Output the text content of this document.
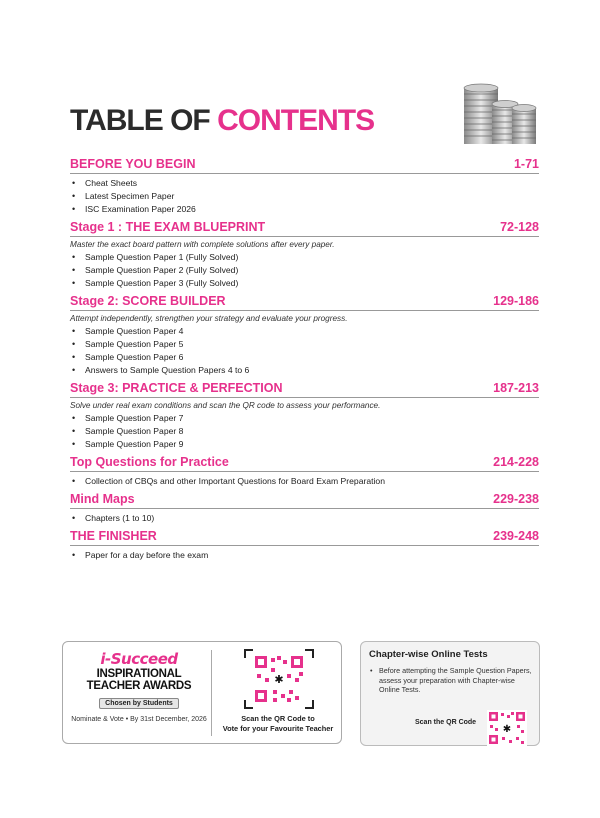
TABLE OF CONTENTS
BEFORE YOU BEGIN	1-71
• Cheat Sheets
• Latest Specimen Paper
• ISC Examination Paper 2026
Stage 1 : THE EXAM BLUEPRINT	72-128
Master the exact board pattern with complete solutions after every paper.
• Sample Question Paper 1 (Fully Solved)
• Sample Question Paper 2 (Fully Solved)
• Sample Question Paper 3 (Fully Solved)
Stage 2: SCORE BUILDER	129-186
Attempt independently, strengthen your strategy and evaluate your progress.
• Sample Question Paper 4
• Sample Question Paper 5
• Sample Question Paper 6
• Answers to Sample Question Papers 4 to 6
Stage 3: PRACTICE & PERFECTION	187-213
Solve under real exam conditions and scan the QR code to assess your performance.
• Sample Question Paper 7
• Sample Question Paper 8
• Sample Question Paper 9
Top Questions for Practice	214-228
• Collection of CBQs and other Important Questions for Board Exam Preparation
Mind Maps	229-238
• Chapters (1 to 10)
THE FINISHER	239-248
• Paper for a day before the exam
i-Succeed
INSPIRATIONAL
TEACHER AWARDS
Chosen by Students
Nominate & Vote • By 31st December, 2026
✱
Scan the QR Code to
Vote for your Favourite Teacher
Chapter-wise Online Tests
• Before attempting the Sample Question Papers, assess your preparation with Chapter-wise Online Tests.
Scan the QR Code
✱
